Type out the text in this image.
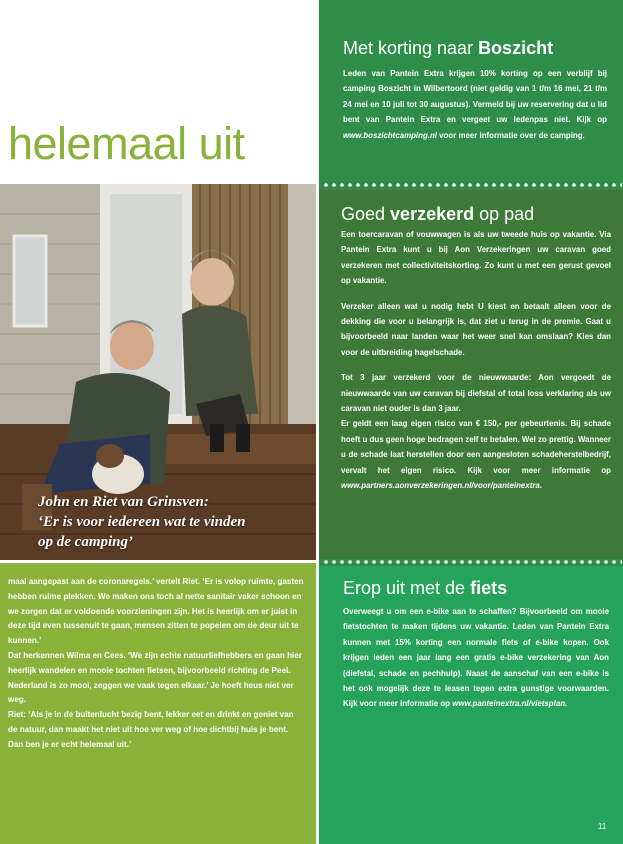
helemaal uit
John en Riet van Grinsven:
‘Er is voor iedereen wat te vinden
op de camping’

maal aangepast aan de coronaregels.’ vertelt Riet. ‘Er is volop ruimte, gasten hebben ruime plekken. We maken ons toch al nette sanitair vaker schoon en we zorgen dat er voldoende voorzieningen zijn. Het is heerlijk om er juist in deze tijd even tussenuit te gaan, mensen zitten te popelen om de deur uit te kunnen.’

Dat herkennen Wilma en Cees. ‘We zijn echte natuurliefhebbers en gaan hier heerlijk wandelen en mooie tochten fietsen, bijvoorbeeld richting de Peel. Nederland is zo mooi, zeggen we vaak tegen elkaar.’ Je hoeft heus niet ver weg.

Riet: ‘Als je in de buitenlucht bezig bent, lekker eet en drinkt en geniet van de natuur, dan maakt het niet uit hoe ver weg of hoe dichtbij huis je bent. Dan ben je er echt helemaal uit.’

Met korting naar Boszicht
Leden van Pantein Extra krijgen 10% korting op een verblijf bij camping Boszicht in Wilbertoord (niet geldig van 1 t/m 16 mei, 21 t/m 24 mei en 10 juli tot 30 augustus). Vermeld bij uw reservering dat u lid bent van Pantein Extra en vergeet uw ledenpas niet. Kijk op www.boszichtcamping.nl voor meer informatie over de camping.
Goed verzekerd op pad

Een toercaravan of vouwwagen is als uw tweede huis op vakantie. Via Pantein Extra kunt u bij Aon Verzekeringen uw caravan goed verzekeren met collectiviteitskorting. Zo kunt u met een gerust gevoel op vakantie.

Verzeker alleen wat u nodig hebt U kiest en betaalt alleen voor de dekking die voor u belangrijk is, dat ziet u terug in de premie. Gaat u bijvoorbeeld naar landen waar het weer snel kan omslaan? Kies dan voor de uitbreiding hagelschade.

Tot 3 jaar verzekerd voor de nieuwwaarde: Aon vergoedt de nieuwwaarde van uw caravan bij diefstal of total loss verklaring als uw caravan niet ouder is dan 3 jaar.

Er geldt een laag eigen risico van € 150,- per gebeurtenis. Bij schade hoeft u dus geen hoge bedragen zelf te betalen. Wel zo prettig. Wanneer u de schade laat herstellen door een aangesloten schadeherstelbedrijf, vervalt het eigen risico. Kijk voor meer informatie op www.partners.aonverzekeringen.nl/voor/panteinextra.

Erop uit met de fiets
Overweegt u om een e-bike aan te schaffen? Bijvoorbeeld om mooie fietstochten te maken tijdens uw vakantie. Leden van Pantein Extra kunnen met 15% korting een normale fiets of e-bike kopen. Ook krijgen leden een jaar lang een gratis e-bike verzekering van Aon (diefstal, schade en pechhulp). Naast de aanschaf van een e-bike is het ook mogelijk deze te leasen tegen extra gunstige voorwaarden. Kijk voor meer informatie op www.panteinextra.nl/vietsplan.
11
